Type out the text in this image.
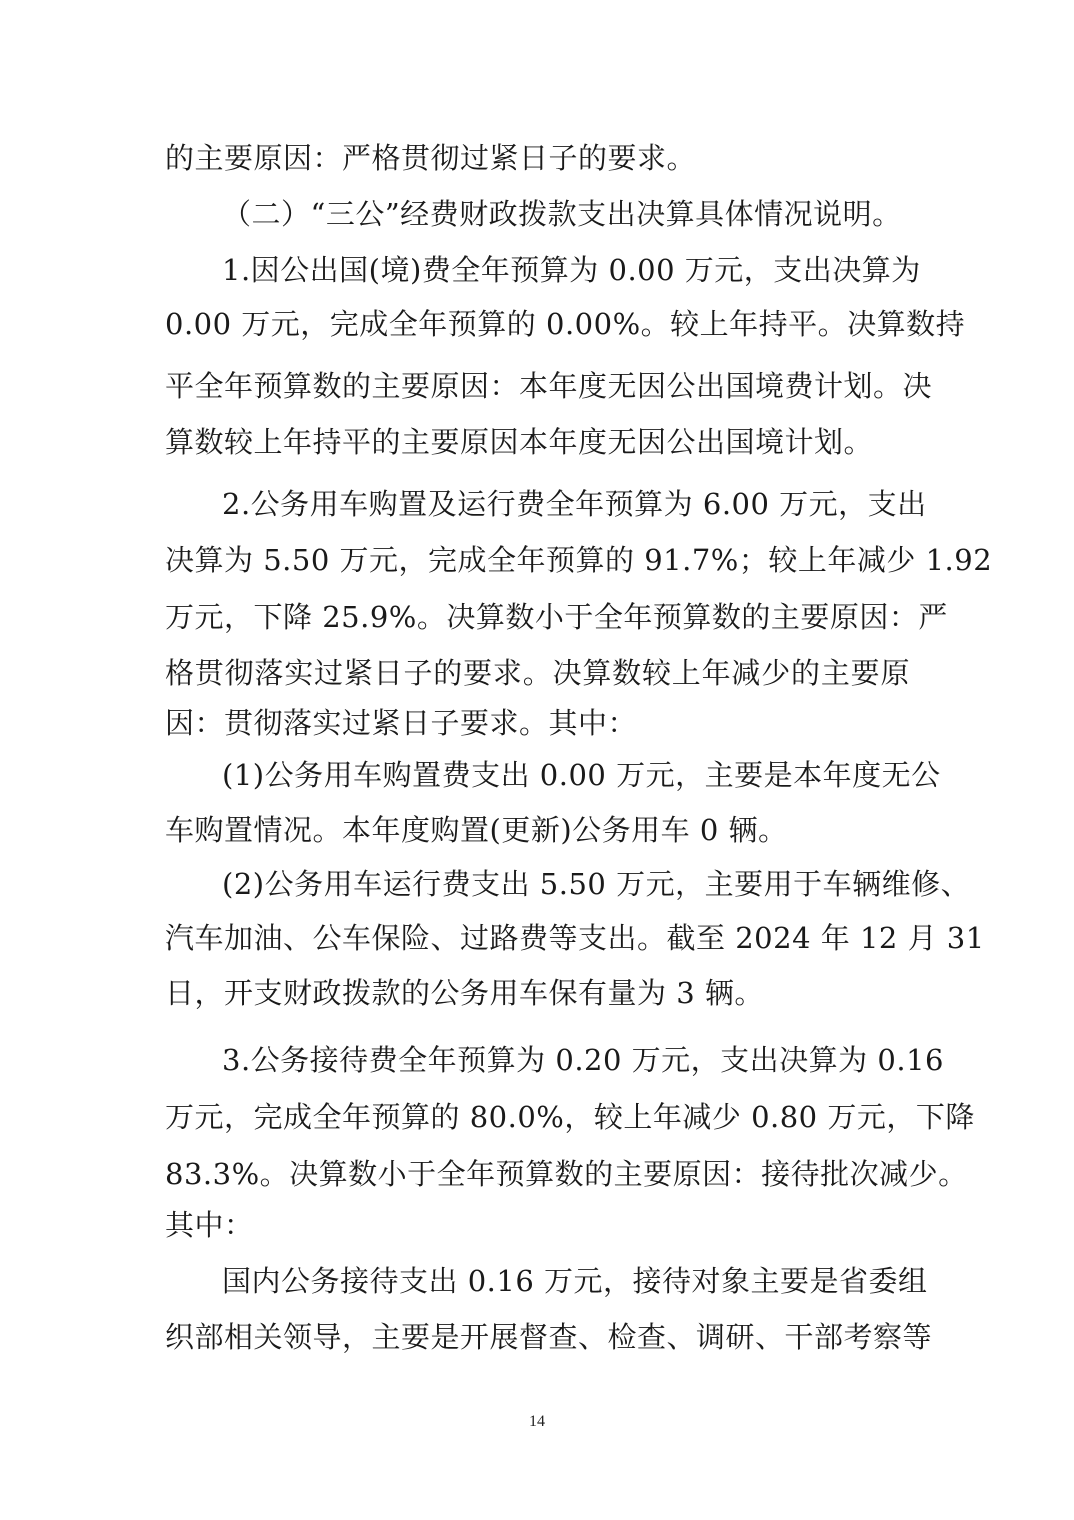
的主要原因：严格贯彻过紧日子的要求。
（二）“三公”经费财政拨款支出决算具体情况说明。
1.因公出国(境)费全年预算为 0.00 万元，支出决算为
0.00 万元，完成全年预算的 0.00%。较上年持平。决算数持
平全年预算数的主要原因：本年度无因公出国境费计划。决
算数较上年持平的主要原因本年度无因公出国境计划。
2.公务用车购置及运行费全年预算为 6.00 万元，支出
决算为 5.50 万元，完成全年预算的 91.7%；较上年减少 1.92
万元，下降 25.9%。决算数小于全年预算数的主要原因：严
格贯彻落实过紧日子的要求。决算数较上年减少的主要原
因：贯彻落实过紧日子要求。其中：
(1)公务用车购置费支出 0.00 万元，主要是本年度无公
车购置情况。本年度购置(更新)公务用车 0 辆。
(2)公务用车运行费支出 5.50 万元，主要用于车辆维修、
汽车加油、公车保险、过路费等支出。截至 2024 年 12 月 31
日，开支财政拨款的公务用车保有量为 3 辆。
3.公务接待费全年预算为 0.20 万元，支出决算为 0.16
万元，完成全年预算的 80.0%，较上年减少 0.80 万元，下降
83.3%。决算数小于全年预算数的主要原因：接待批次减少。
其中：
国内公务接待支出 0.16 万元，接待对象主要是省委组
织部相关领导，主要是开展督查、检查、调研、干部考察等
14
